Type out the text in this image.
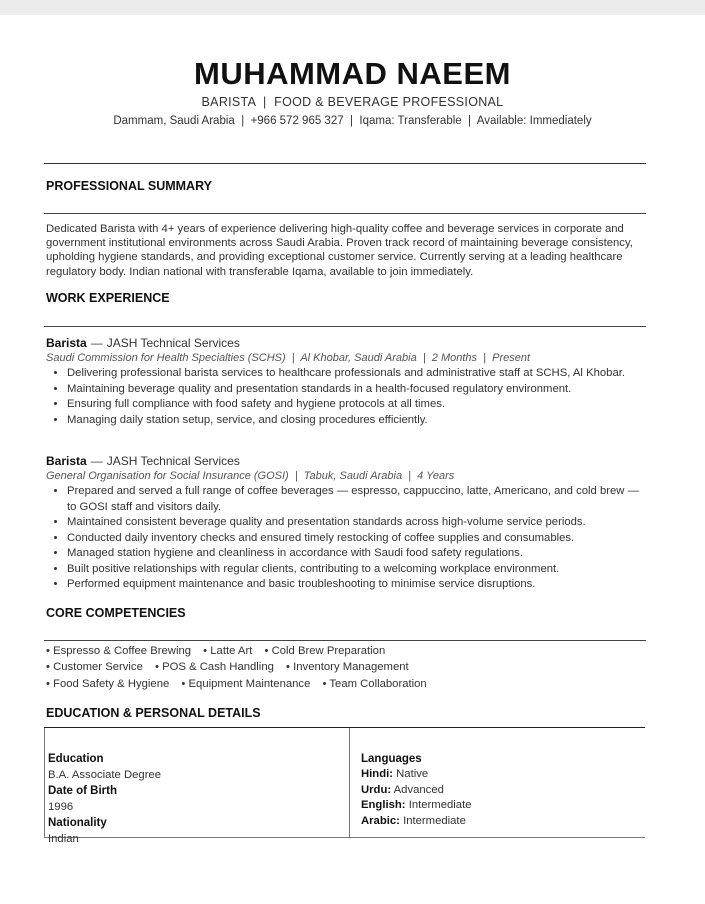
MUHAMMAD NAEEM
BARISTA  |  FOOD & BEVERAGE PROFESSIONAL
Dammam, Saudi Arabia  |  +966 572 965 327  |  Iqama: Transferable  |  Available: Immediately
PROFESSIONAL SUMMARY
Dedicated Barista with 4+ years of experience delivering high-quality coffee and beverage services in corporate and government institutional environments across Saudi Arabia. Proven track record of maintaining beverage consistency, upholding hygiene standards, and providing exceptional customer service. Currently serving at a leading healthcare regulatory body. Indian national with transferable Iqama, available to join immediately.
WORK EXPERIENCE
Barista — JASH Technical Services
Saudi Commission for Health Specialties (SCHS)  |  Al Khobar, Saudi Arabia  |  2 Months  |  Present
• Delivering professional barista services to healthcare professionals and administrative staff at SCHS, Al Khobar.
• Maintaining beverage quality and presentation standards in a health-focused regulatory environment.
• Ensuring full compliance with food safety and hygiene protocols at all times.
• Managing daily station setup, service, and closing procedures efficiently.
Barista — JASH Technical Services
General Organisation for Social Insurance (GOSI)  |  Tabuk, Saudi Arabia  |  4 Years
• Prepared and served a full range of coffee beverages — espresso, cappuccino, latte, Americano, and cold brew — to GOSI staff and visitors daily.
• Maintained consistent beverage quality and presentation standards across high-volume service periods.
• Conducted daily inventory checks and ensured timely restocking of coffee supplies and consumables.
• Managed station hygiene and cleanliness in accordance with Saudi food safety regulations.
• Built positive relationships with regular clients, contributing to a welcoming workplace environment.
• Performed equipment maintenance and basic troubleshooting to minimise service disruptions.
CORE COMPETENCIES
• Espresso & Coffee Brewing • Latte Art • Cold Brew Preparation
• Customer Service • POS & Cash Handling • Inventory Management
• Food Safety & Hygiene • Equipment Maintenance • Team Collaboration
EDUCATION & PERSONAL DETAILS
Education
B.A. Associate Degree
Date of Birth
1996
Nationality
Indian
Languages
Hindi: Native
Urdu: Advanced
English: Intermediate
Arabic: Intermediate
